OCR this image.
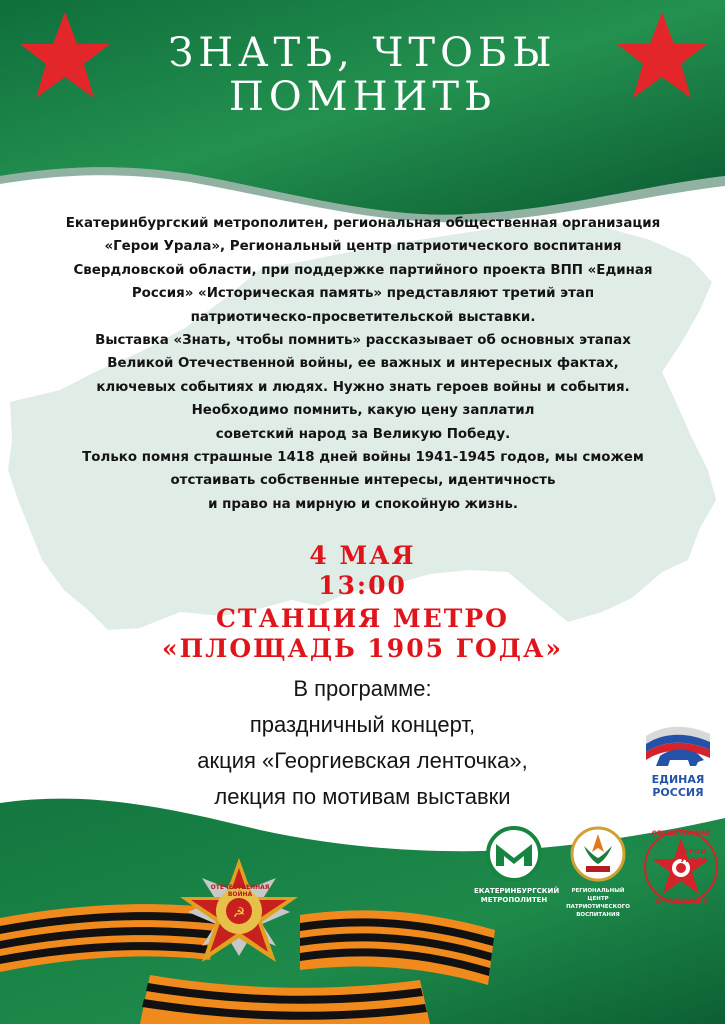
☭
ЗНАТЬ, ЧТОБЫ
ПОМНИТЬ
Екатеринбургский метрополитен, региональная общественная организация
«Герои Урала», Региональный центр патриотического воспитания
Свердловской области, при поддержке партийного проекта ВПП «Единая
Россия» «Историческая память» представляют третий этап
патриотическо-просветительской выставки.
Выставка «Знать, чтобы помнить» рассказывает об основных этапах
Великой Отечественной войны, ее важных и интересных фактах,
ключевых событиях и людях. Нужно знать героев войны и события.
Необходимо помнить, какую цену заплатил
советский народ за Великую Победу.
Только помня страшные 1418 дней войны 1941-1945 годов, мы сможем
отстаивать собственные интересы, идентичность
и право на мирную и спокойную жизнь.
4 МАЯ
13:00
СТАНЦИЯ МЕТРО
«ПЛОЩАДЬ 1905 ГОДА»
В программе:
праздничный концерт,
акция «Георгиевская ленточка»,
лекция по мотивам выставки
ЕДИНАЯ
РОССИЯ
ЕКАТЕРИНБУРГСКИЙ
МЕТРОПОЛИТЕН
РЕГИОНАЛЬНЫЙ ЦЕНТР
ПАТРИОТИЧЕСКОГО ВОСПИТАНИЯ
ОБЩЕСТВЕННАЯ
ГЕРОИ УРАЛА
ОРГАНИЗАЦИЯ
ОТЕЧЕСТВЕННАЯ ВОЙНА
